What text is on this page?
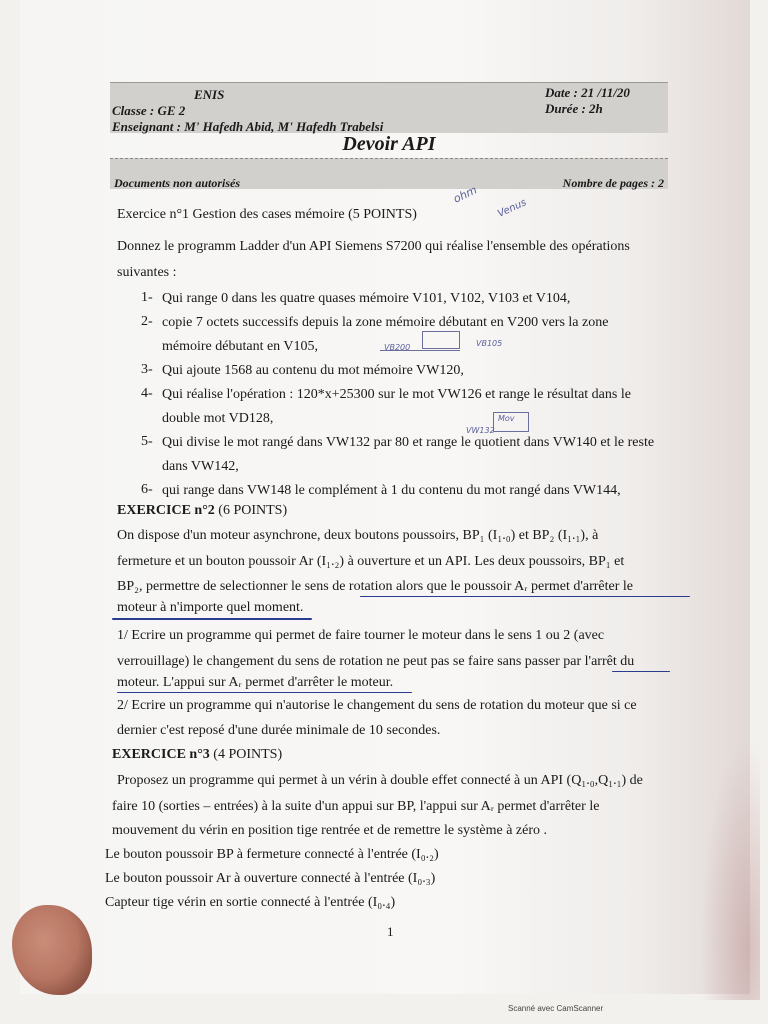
ENIS
Classe : GE 2
Enseignant : M' Hafedh Abid, M' Hafedh Trabelsi
Date : 21 /11/20
Durée : 2h
Devoir API
Documents non autorisés	Nombre de pages : 2
Exercice n°1 Gestion des cases mémoire (5 POINTS)
Donnez le programm Ladder d'un API Siemens S7200 qui réalise l'ensemble des opérations
suivantes :
1- Qui range 0 dans les quatre quases mémoire V101, V102, V103 et V104,
2- copie 7 octets successifs depuis la zone mémoire débutant en V200 vers la zone
mémoire débutant en V105,
3- Qui ajoute 1568 au contenu du mot mémoire VW120,
4- Qui réalise l'opération : 120*x+25300 sur le mot VW126 et range le résultat dans le
double mot VD128,
5- Qui divise le mot rangé dans VW132 par 80 et range le quotient dans VW140 et le reste
dans VW142,
6- qui range dans VW148 le complément à 1 du contenu du mot rangé dans VW144,
EXERCICE n°2 (6 POINTS)
On dispose d'un moteur asynchrone, deux boutons poussoirs, BP₁ (I₁.₀) et BP₂ (I₁.₁), à
fermeture et un bouton poussoir Ar (I₁.₂) à ouverture et un API. Les deux poussoirs, BP₁ et
BP₂, permettre de selectionner le sens de rotation alors que le poussoir Aᵣ permet d'arrêter le
moteur à n'importe quel moment.
1/ Ecrire un programme qui permet de faire tourner le moteur dans le sens 1 ou 2 (avec
verrouillage) le changement du sens de rotation ne peut pas se faire sans passer par l'arrêt du
moteur. L'appui sur Aᵣ permet d'arrêter le moteur.
2/ Ecrire un programme qui n'autorise le changement du sens de rotation du moteur que si ce
dernier c'est reposé d'une durée minimale de 10 secondes.
EXERCICE n°3 (4 POINTS)
Proposez un programme qui permet à un vérin à double effet connecté à un API (Q₁.₀,Q₁.₁) de
faire 10 (sorties – entrées) à la suite d'un appui sur BP, l'appui sur Aᵣ permet d'arrêter le
mouvement du vérin en position tige rentrée et de remettre le système à zéro .
Le bouton poussoir BP à fermeture connecté à l'entrée (I₀.₂)
Le bouton poussoir Ar à ouverture connecté à l'entrée (I₀.₃)
Capteur tige vérin en sortie connecté à l'entrée (I₀.₄)
ohm
Venus
VB200	VB105
Mov
VW132
1
Scanné avec CamScanner
